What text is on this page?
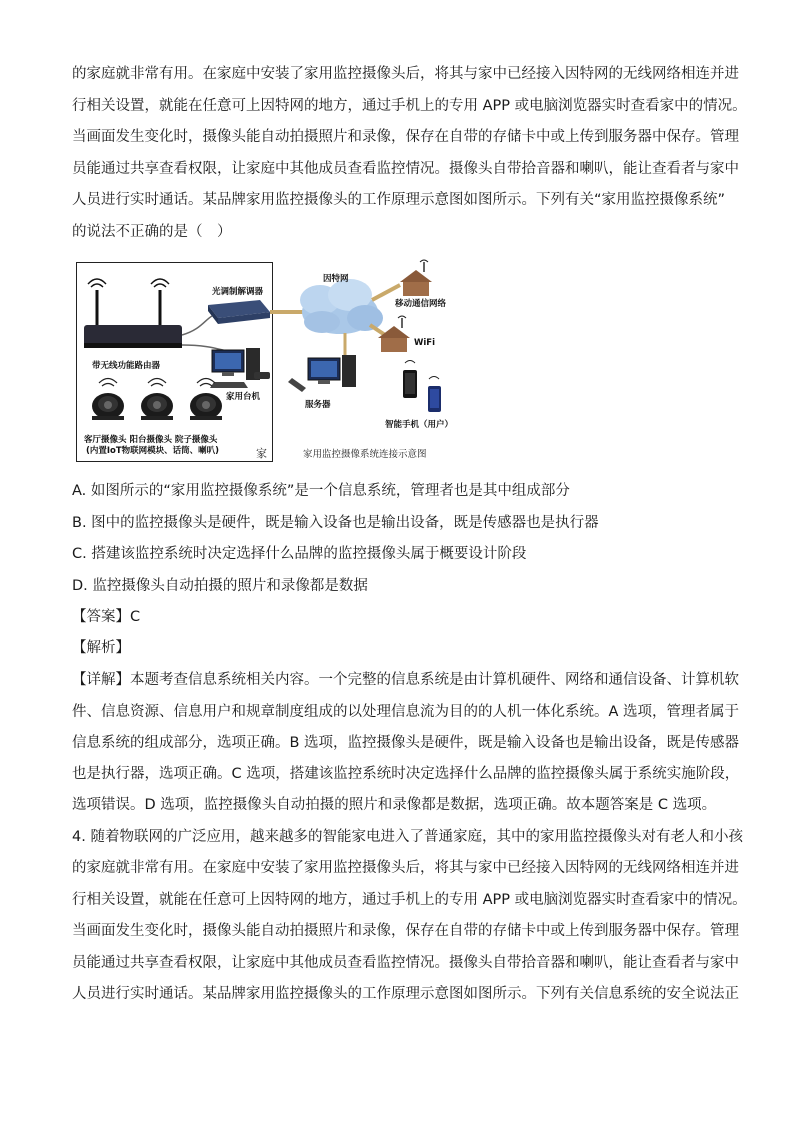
的家庭就非常有用。在家庭中安装了家用监控摄像头后，将其与家中已经接入因特网的无线网络相连并进
行相关设置，就能在任意可上因特网的地方，通过手机上的专用 APP 或电脑浏览器实时查看家中的情况。
当画面发生变化时，摄像头能自动拍摄照片和录像，保存在自带的存储卡中或上传到服务器中保存。管理
员能通过共享查看权限，让家庭中其他成员查看监控情况。摄像头自带拾音器和喇叭，能让查看者与家中
人员进行实时通话。某品牌家用监控摄像头的工作原理示意图如图所示。下列有关“家用监控摄像系统”
的说法不正确的是（　）
光调制解调器
因特网
移动通信网络
WiFi
带无线功能路由器
家用台机
服务器
智能手机（用户）
客厅摄像头 阳台摄像头 院子摄像头
(内置IoT物联网模块、话筒、喇叭)	家	家用监控摄像系统连接示意图
A. 如图所示的“家用监控摄像系统”是一个信息系统，管理者也是其中组成部分
B. 图中的监控摄像头是硬件，既是输入设备也是输出设备，既是传感器也是执行器
C. 搭建该监控系统时决定选择什么品牌的监控摄像头属于概要设计阶段
D. 监控摄像头自动拍摄的照片和录像都是数据
【答案】C
【解析】
【详解】本题考查信息系统相关内容。一个完整的信息系统是由计算机硬件、网络和通信设备、计算机软
件、信息资源、信息用户和规章制度组成的以处理信息流为目的的人机一体化系统。A 选项，管理者属于
信息系统的组成部分，选项正确。B 选项，监控摄像头是硬件，既是输入设备也是输出设备，既是传感器
也是执行器，选项正确。C 选项，搭建该监控系统时决定选择什么品牌的监控摄像头属于系统实施阶段，
选项错误。D 选项，监控摄像头自动拍摄的照片和录像都是数据，选项正确。故本题答案是 C 选项。
4. 随着物联网的广泛应用，越来越多的智能家电进入了普通家庭，其中的家用监控摄像头对有老人和小孩
的家庭就非常有用。在家庭中安装了家用监控摄像头后，将其与家中已经接入因特网的无线网络相连并进
行相关设置，就能在任意可上因特网的地方，通过手机上的专用 APP 或电脑浏览器实时查看家中的情况。
当画面发生变化时，摄像头能自动拍摄照片和录像，保存在自带的存储卡中或上传到服务器中保存。管理
员能通过共享查看权限，让家庭中其他成员查看监控情况。摄像头自带拾音器和喇叭，能让查看者与家中
人员进行实时通话。某品牌家用监控摄像头的工作原理示意图如图所示。下列有关信息系统的安全说法正
